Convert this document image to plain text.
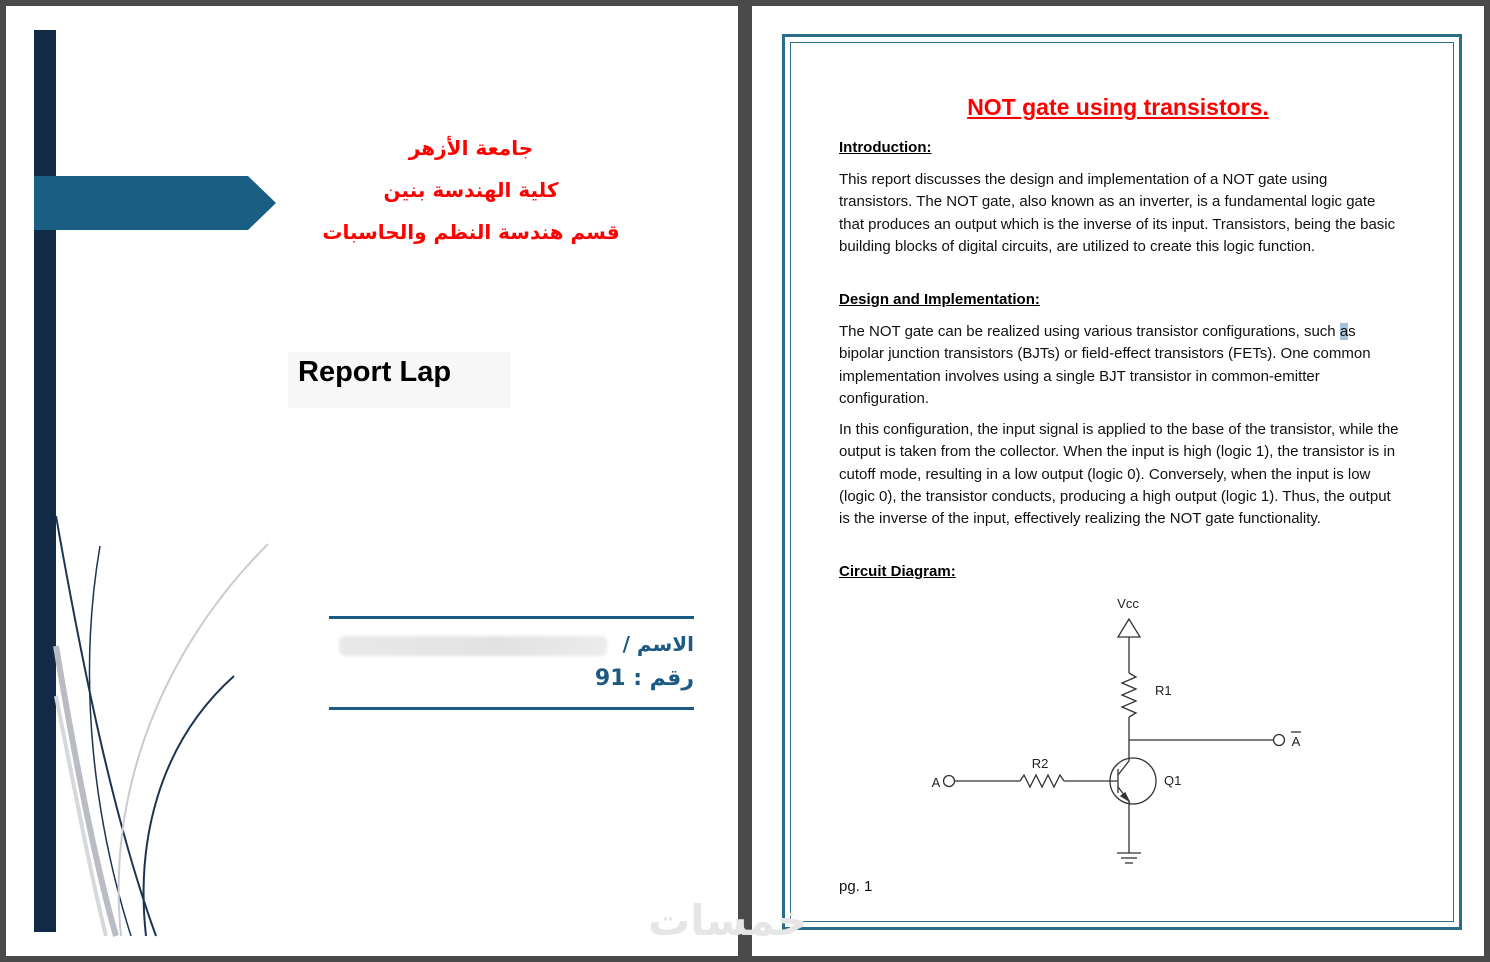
جامعة الأزهر
كلية الهندسة بنين
قسم هندسة النظم والحاسبات
Report Lap
الاسم /
رقم : 91
NOT gate using transistors.
Introduction:

This report discusses the design and implementation of a NOT gate using transistors. The NOT gate, also known as an inverter, is a fundamental logic gate that produces an output which is the inverse of its input. Transistors, being the basic building blocks of digital circuits, are utilized to create this logic function.

Design and Implementation:

The NOT gate can be realized using various transistor configurations, such as bipolar junction transistors (BJTs) or field-effect transistors (FETs). One common implementation involves using a single BJT transistor in common-emitter configuration.

In this configuration, the input signal is applied to the base of the transistor, while the output is taken from the collector. When the input is high (logic 1), the transistor is in cutoff mode, resulting in a low output (logic 0). Conversely, when the input is low (logic 0), the transistor conducts, producing a high output (logic 1). Thus, the output is the inverse of the input, effectively realizing the NOT gate functionality.

Circuit Diagram:
Vcc
R1
A
A
R2
Q1
pg. 1
خمسات
